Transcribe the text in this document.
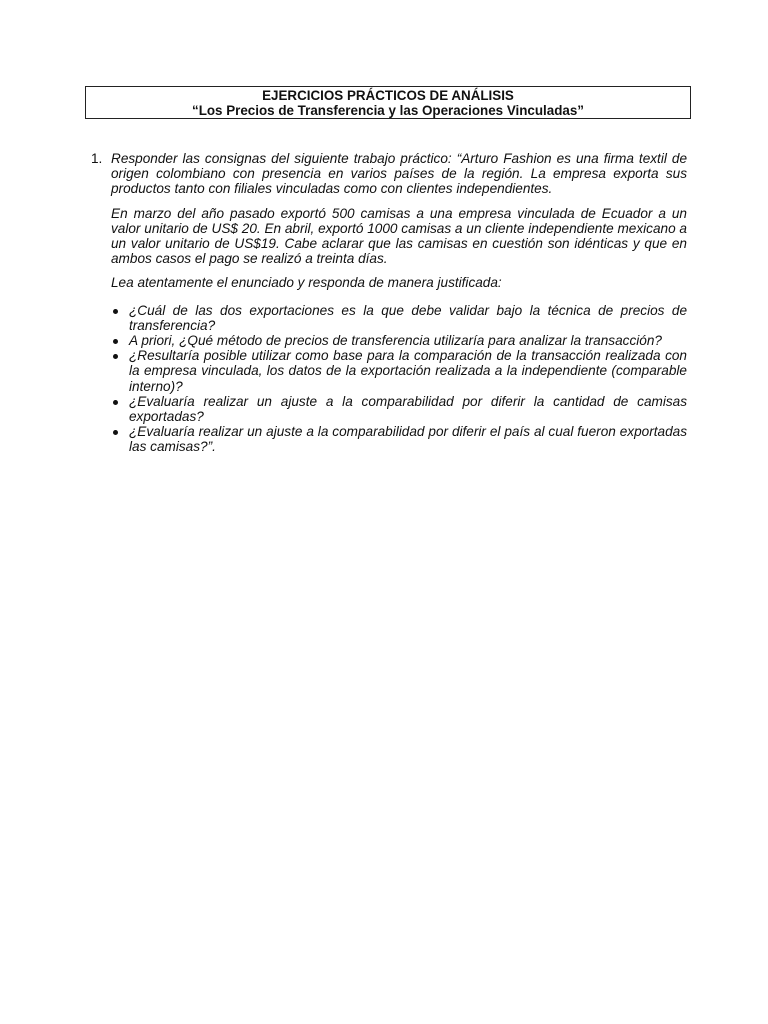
EJERCICIOS PRÁCTICOS DE ANÁLISIS
“Los Precios de Transferencia y las Operaciones Vinculadas”
1. Responder las consignas del siguiente trabajo práctico: “Arturo Fashion es una firma textil de origen colombiano con presencia en varios países de la región. La empresa exporta sus productos tanto con filiales vinculadas como con clientes independientes.

En marzo del año pasado exportó 500 camisas a una empresa vinculada de Ecuador a un valor unitario de US$ 20. En abril, exportó 1000 camisas a un cliente independiente mexicano a un valor unitario de US$19. Cabe aclarar que las camisas en cuestión son idénticas y que en ambos casos el pago se realizó a treinta días.

Lea atentamente el enunciado y responda de manera justificada:

¿Cuál de las dos exportaciones es la que debe validar bajo la técnica de precios de transferencia?
A priori, ¿Qué método de precios de transferencia utilizaría para analizar la transacción?
¿Resultaría posible utilizar como base para la comparación de la transacción realizada con la empresa vinculada, los datos de la exportación realizada a la independiente (comparable interno)?
¿Evaluaría realizar un ajuste a la comparabilidad por diferir la cantidad de camisas exportadas?
¿Evaluaría realizar un ajuste a la comparabilidad por diferir el país al cual fueron exportadas las camisas?”.
